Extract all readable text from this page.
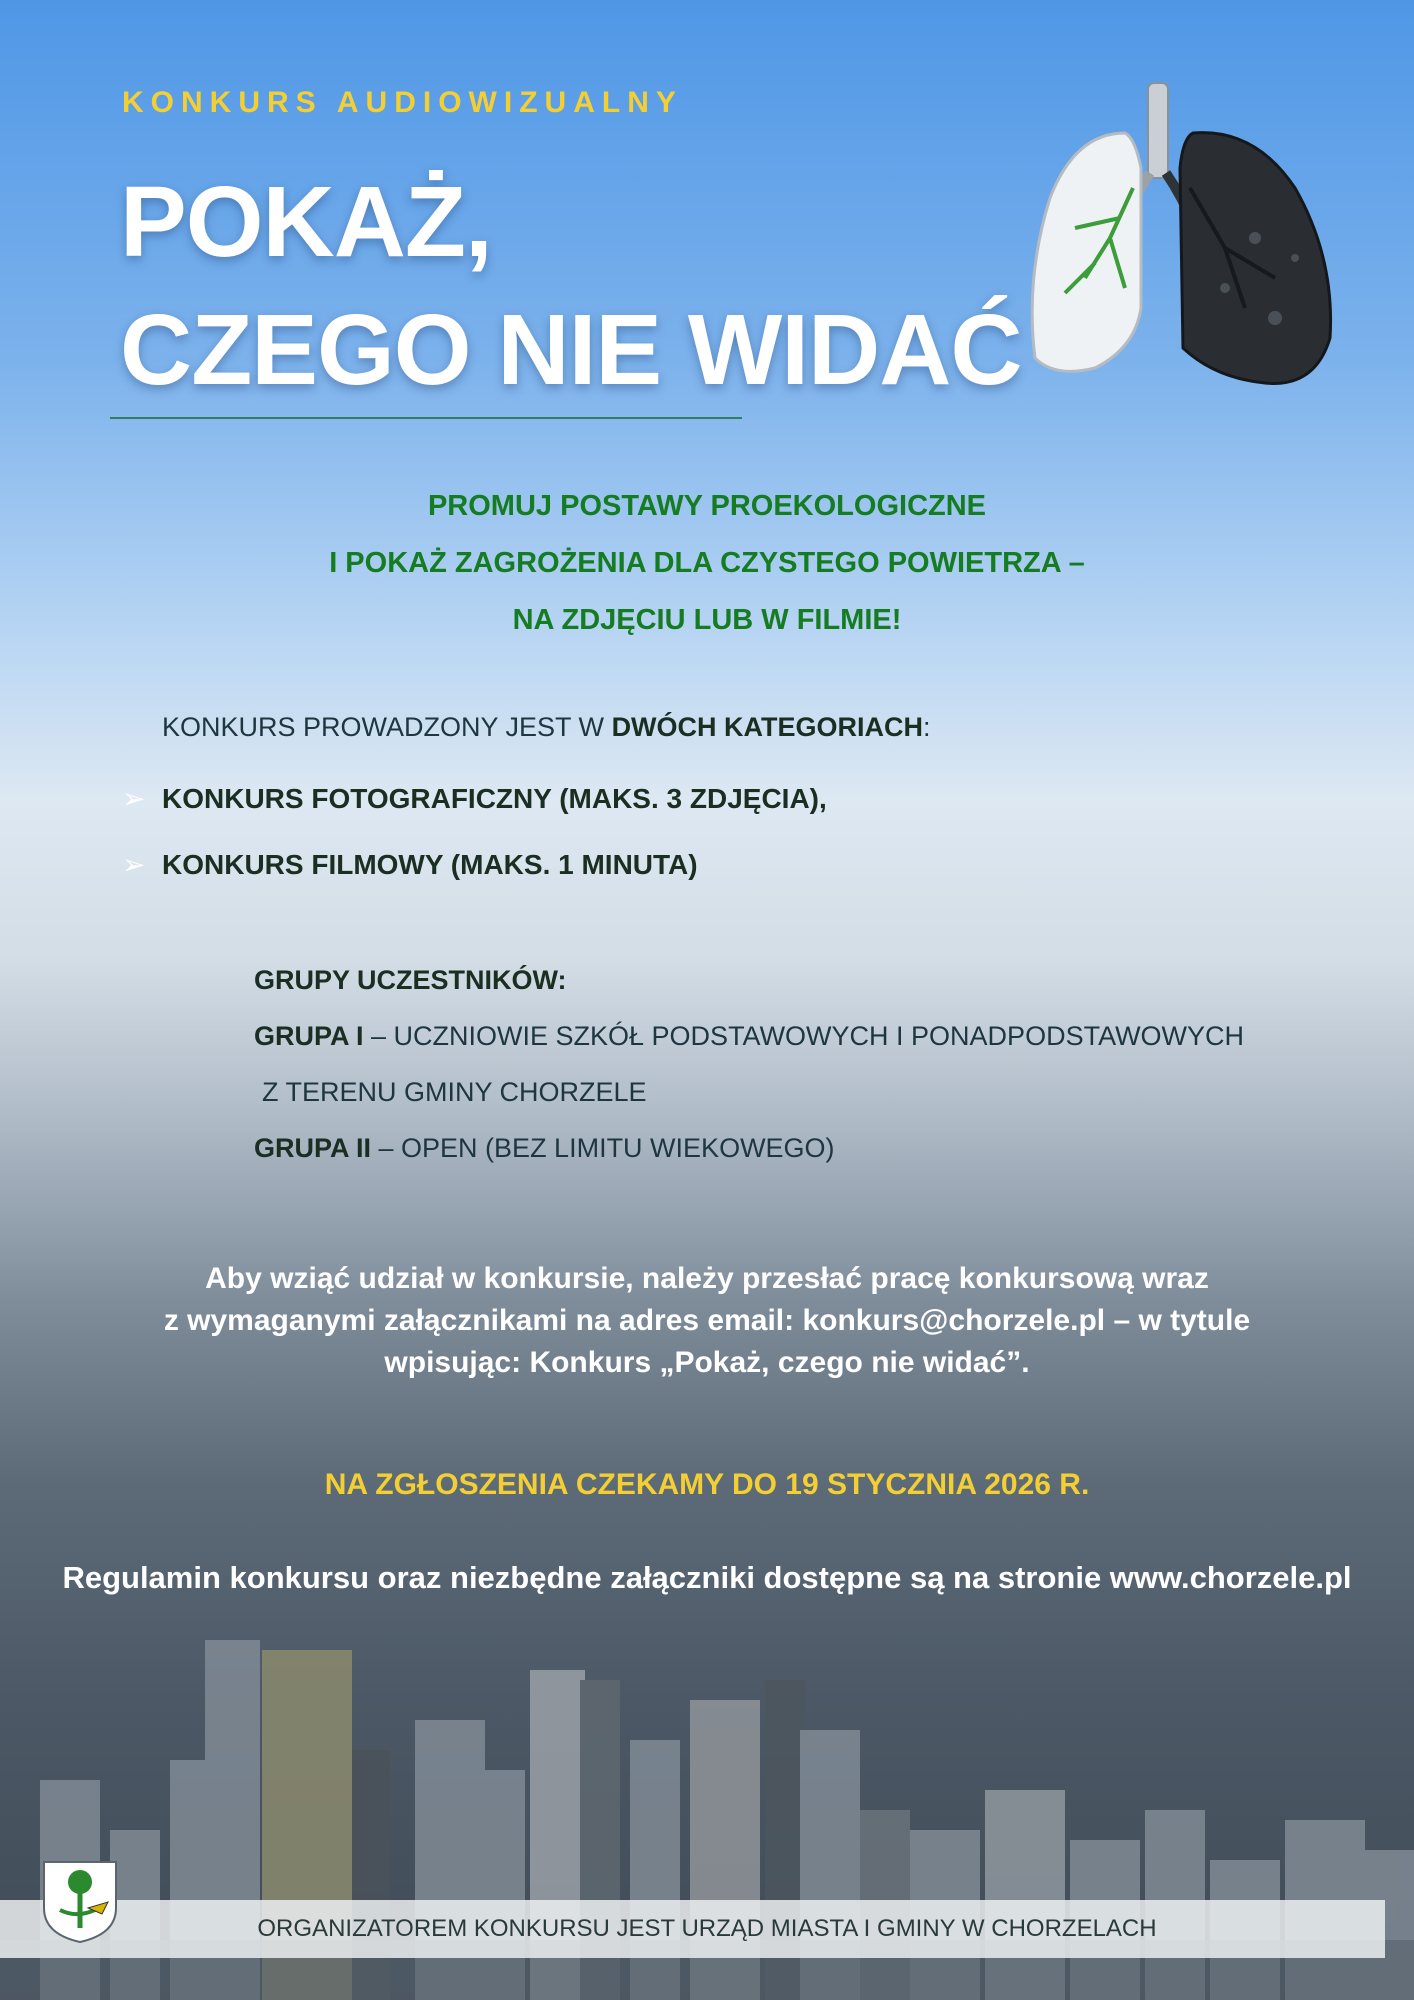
KONKURS AUDIOWIZUALNY
POKAŻ,
CZEGO NIE WIDAĆ
PROMUJ POSTAWY PROEKOLOGICZNE
I POKAŻ ZAGROŻENIA DLA CZYSTEGO POWIETRZA –
NA ZDJĘCIU LUB W FILMIE!
KONKURS PROWADZONY JEST W DWÓCH KATEGORIACH:
➢ KONKURS FOTOGRAFICZNY (MAKS. 3 ZDJĘCIA),
➢ KONKURS FILMOWY (MAKS. 1 MINUTA)
GRUPY UCZESTNIKÓW:
GRUPA I – UCZNIOWIE SZKÓŁ PODSTAWOWYCH I PONADPODSTAWOWYCH
Z TERENU GMINY CHORZELE
GRUPA II – OPEN (BEZ LIMITU WIEKOWEGO)
Aby wziąć udział w konkursie, należy przesłać pracę konkursową wraz
z wymaganymi załącznikami na adres email: konkurs@chorzele.pl – w tytule
wpisując: Konkurs „Pokaż, czego nie widać”.
NA ZGŁOSZENIA CZEKAMY DO 19 STYCZNIA 2026 R.
Regulamin konkursu oraz niezbędne załączniki dostępne są na stronie www.chorzele.pl
ORGANIZATOREM KONKURSU JEST URZĄD MIASTA I GMINY W CHORZELACH
